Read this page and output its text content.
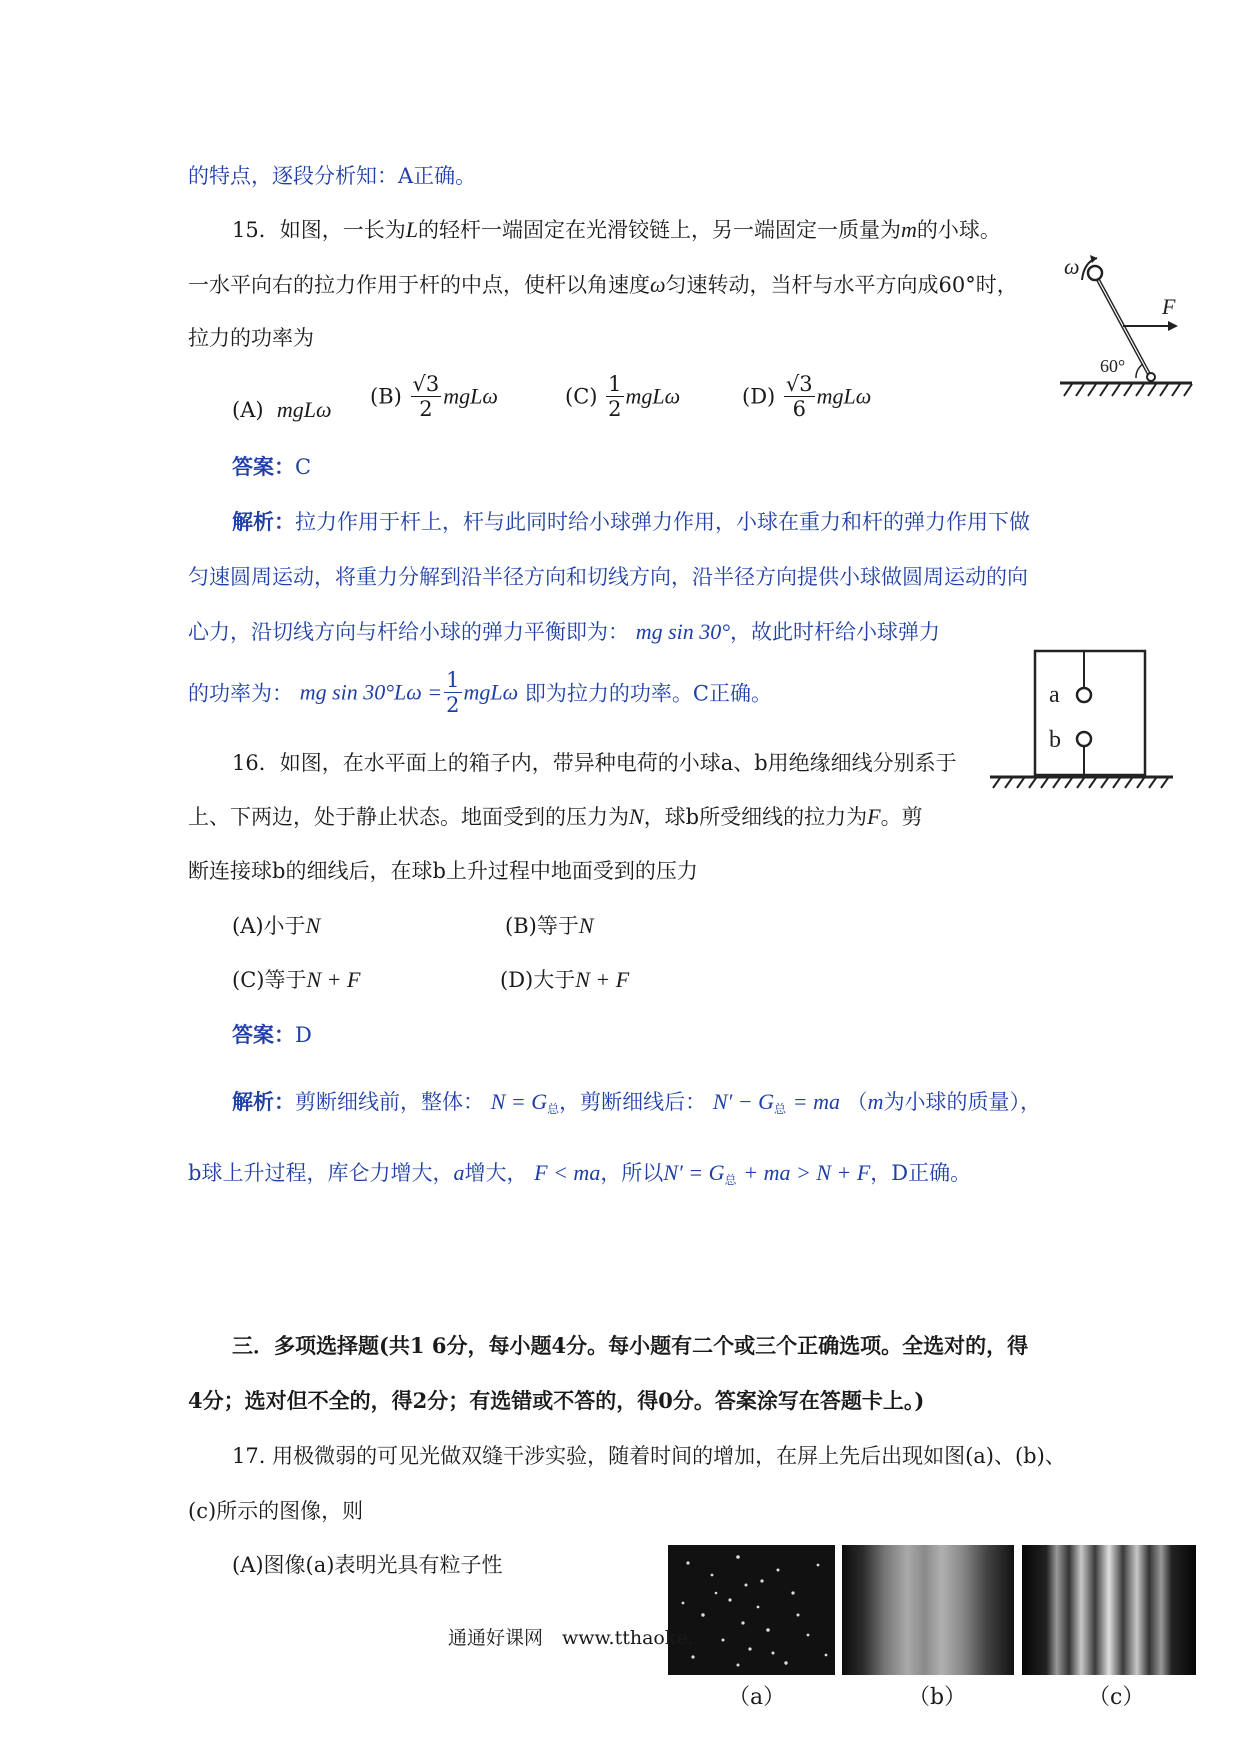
的特点，逐段分析知：A正确。
15．如图，一长为L的轻杆一端固定在光滑铰链上，另一端固定一质量为m的小球。
一水平向右的拉力作用于杆的中点，使杆以角速度ω匀速转动，当杆与水平方向成60°时，
拉力的功率为
ω
F
60°
(A) mgLω
$(B) \frac{√3}{2}$ mgLω	$(C) \frac{1}{2}$ mgLω	$(D) \frac{√3}{6}$ mgLω
答案：C
解析：拉力作用于杆上，杆与此同时给小球弹力作用，小球在重力和杆的弹力作用下做
匀速圆周运动，将重力分解到沿半径方向和切线方向，沿半径方向提供小球做圆周运动的向
心力，沿切线方向与杆给小球的弹力平衡即为： mg sin 30°，故此时杆给小球弹力
的功率为： mg $\sin 30^\circ L\omega = \frac{1}{2}$ mgLω 即为拉力的功率。C正确。	a
b
16．如图，在水平面上的箱子内，带异种电荷的小球a、b用绝缘细线分别系于
上、下两边，处于静止状态。地面受到的压力为N，球b所受细线的拉力为F。剪
断连接球b的细线后，在球b上升过程中地面受到的压力
(A)小于N	(B)等于N
(C)等于N + F	(D)大于N + F
答案：D
解析：剪断细线前，整体： $N = G_总$，剪断细线后： $N' - G_总$ = ma （m为小球的质量），
b球上升过程，库仑力增大，a增大， F < ma，所以$N' = G_总$ + ma > N + F，D正确。
三．多项选择题(共1 6分，每小题4分。每小题有二个或三个正确选项。全选对的，得
4分；选对但不全的，得2分；有选错或不答的，得0分。答案涂写在答题卡上。)
17. 用极微弱的可见光做双缝干涉实验，随着时间的增加，在屏上先后出现如图(a)、(b)、
(c)所示的图像，则
(A)图像(a)表明光具有粒子性
（a）	（b）	（c）
通通好课网　www.tthaoke.
